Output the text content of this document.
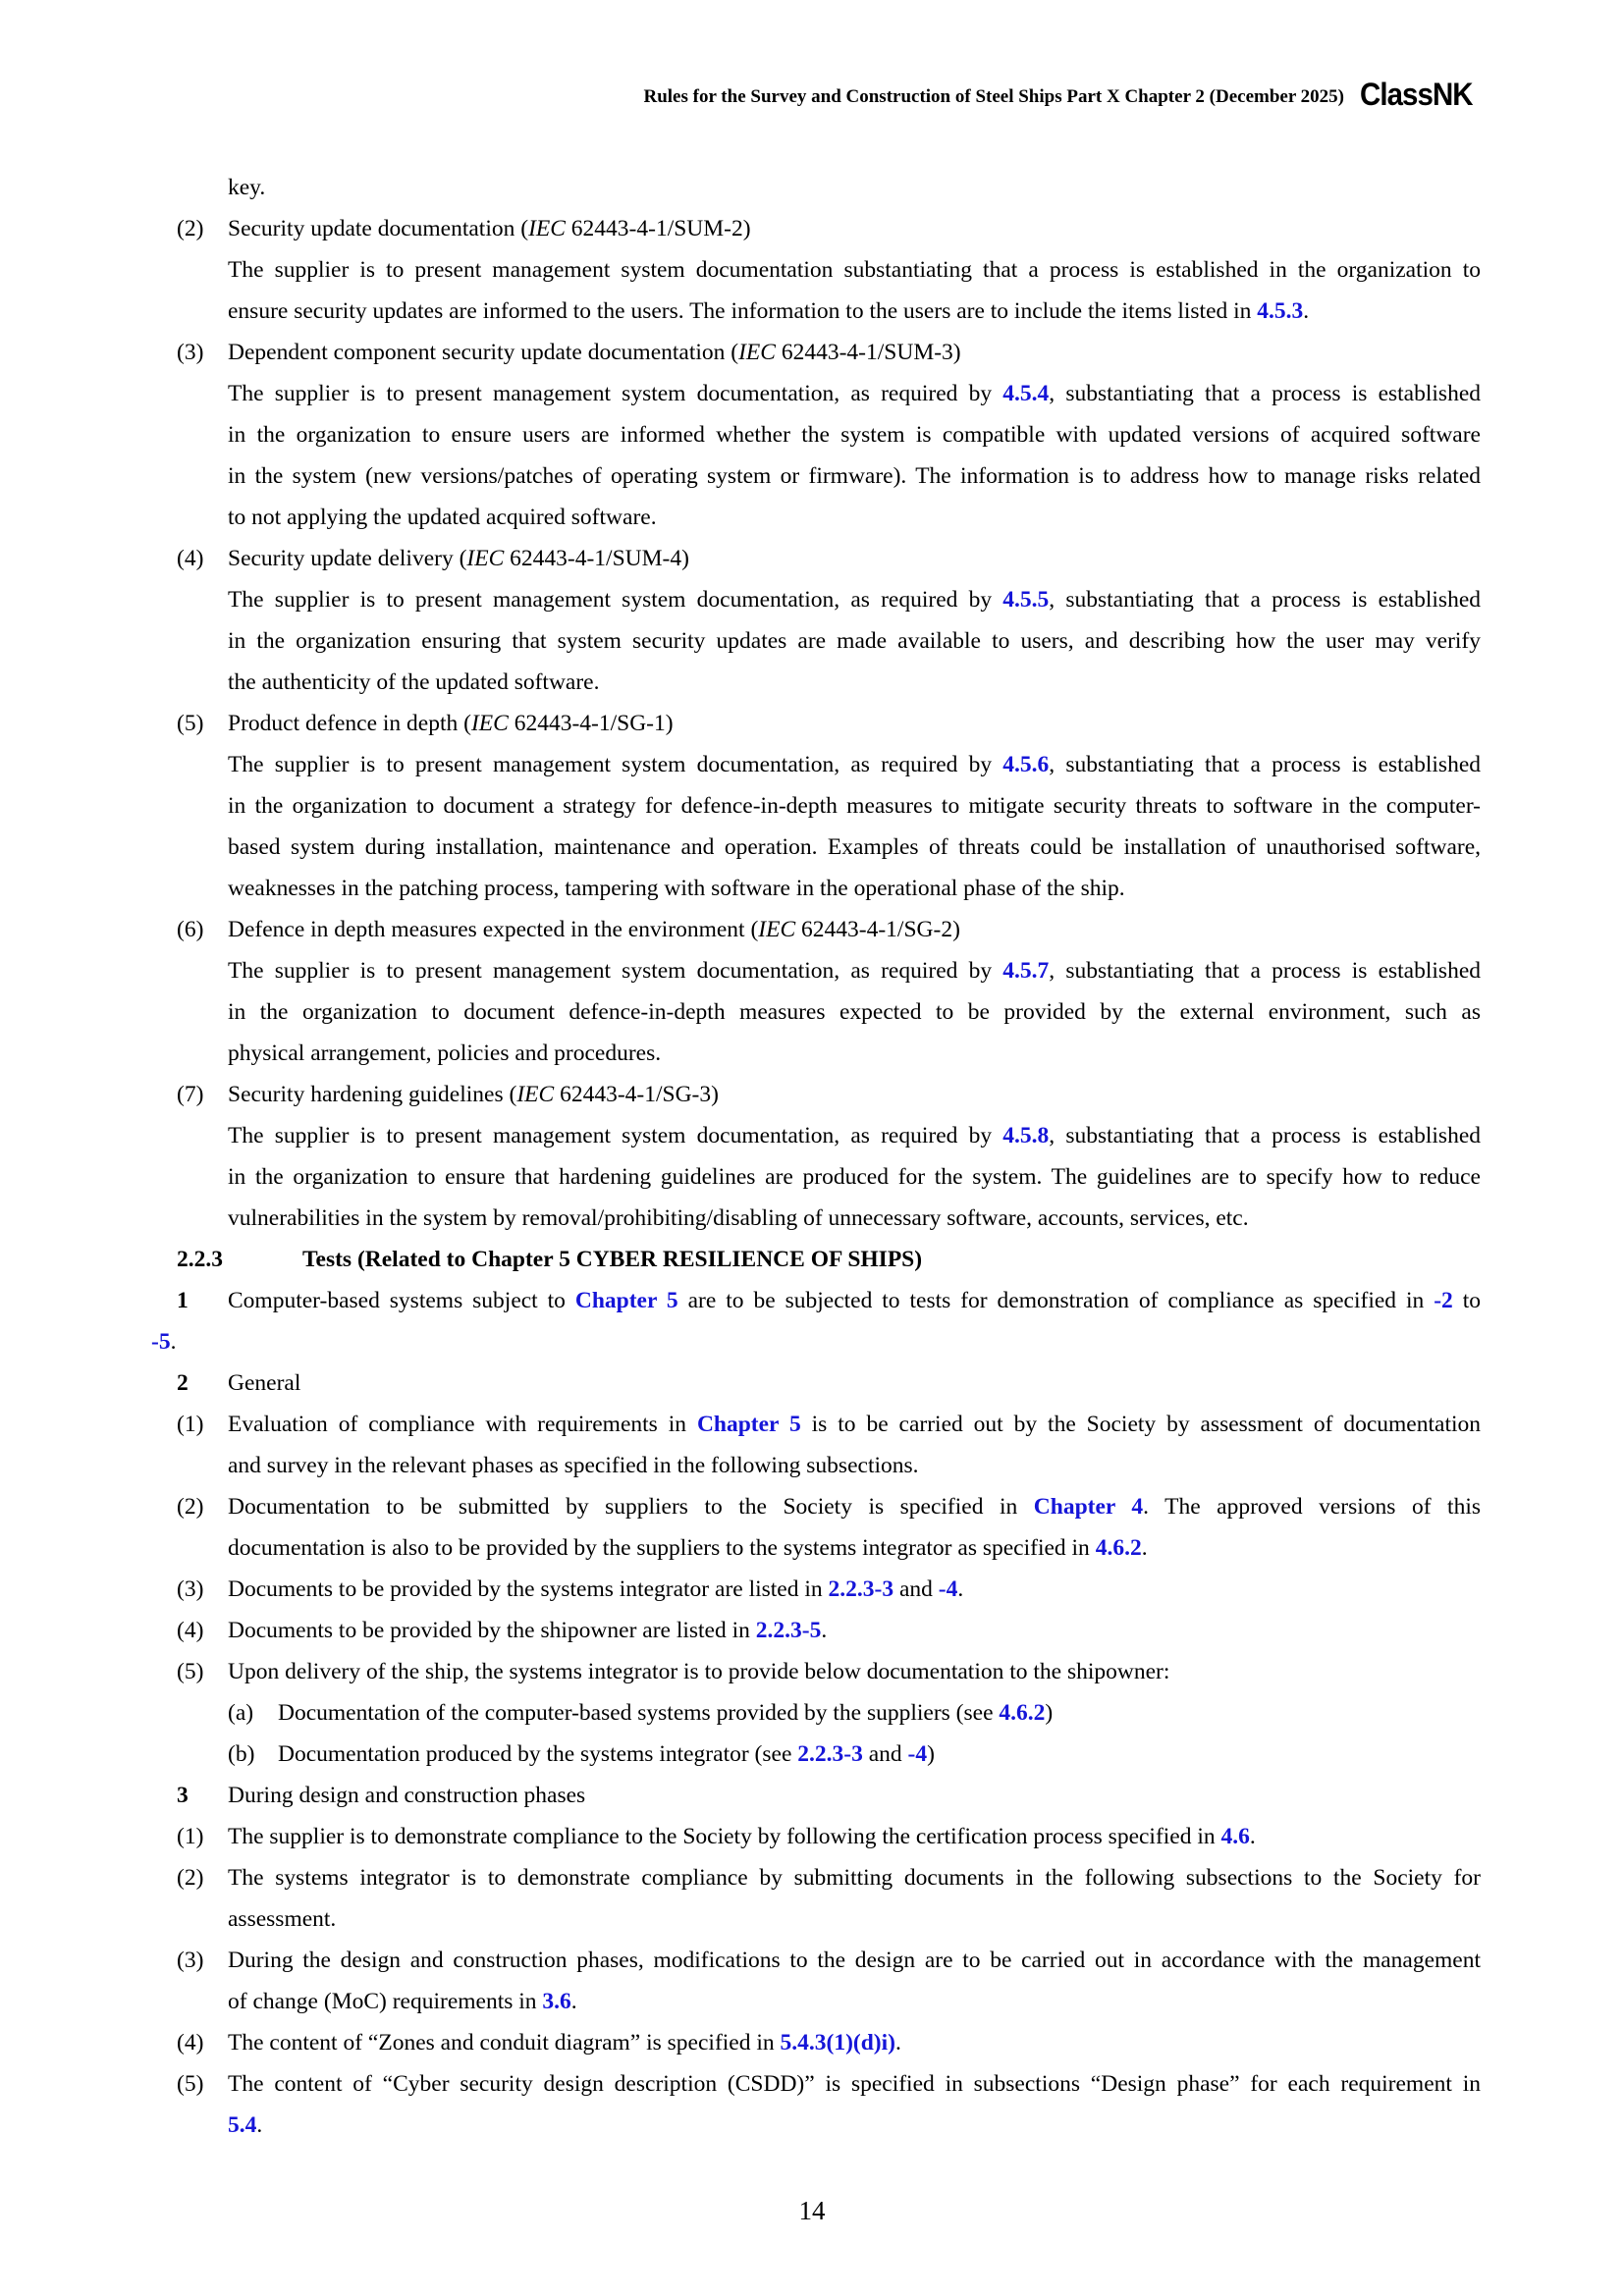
Rules for the Survey and Construction of Steel Ships Part X Chapter 2 (December 2025) ClassNK
key.
(2) Security update documentation (IEC 62443-4-1/SUM-2)
The supplier is to present management system documentation substantiating that a process is established in the organization to
ensure security updates are informed to the users. The information to the users are to include the items listed in 4.5.3.
(3) Dependent component security update documentation (IEC 62443-4-1/SUM-3)
The supplier is to present management system documentation, as required by 4.5.4, substantiating that a process is established
in the organization to ensure users are informed whether the system is compatible with updated versions of acquired software
in the system (new versions/patches of operating system or firmware). The information is to address how to manage risks related
to not applying the updated acquired software.
(4) Security update delivery (IEC 62443-4-1/SUM-4)
The supplier is to present management system documentation, as required by 4.5.5, substantiating that a process is established
in the organization ensuring that system security updates are made available to users, and describing how the user may verify
the authenticity of the updated software.
(5) Product defence in depth (IEC 62443-4-1/SG-1)
The supplier is to present management system documentation, as required by 4.5.6, substantiating that a process is established
in the organization to document a strategy for defence-in-depth measures to mitigate security threats to software in the computer-
based system during installation, maintenance and operation. Examples of threats could be installation of unauthorised software,
weaknesses in the patching process, tampering with software in the operational phase of the ship.
(6) Defence in depth measures expected in the environment (IEC 62443-4-1/SG-2)
The supplier is to present management system documentation, as required by 4.5.7, substantiating that a process is established
in the organization to document defence-in-depth measures expected to be provided by the external environment, such as
physical arrangement, policies and procedures.
(7) Security hardening guidelines (IEC 62443-4-1/SG-3)
The supplier is to present management system documentation, as required by 4.5.8, substantiating that a process is established
in the organization to ensure that hardening guidelines are produced for the system. The guidelines are to specify how to reduce
vulnerabilities in the system by removal/prohibiting/disabling of unnecessary software, accounts, services, etc.
2.2.3	Tests (Related to Chapter 5 CYBER RESILIENCE OF SHIPS)
1 Computer-based systems subject to Chapter 5 are to be subjected to tests for demonstration of compliance as specified in -2 to
-5.
2 General
(1) Evaluation of compliance with requirements in Chapter 5 is to be carried out by the Society by assessment of documentation
and survey in the relevant phases as specified in the following subsections.
(2) Documentation to be submitted by suppliers to the Society is specified in Chapter 4. The approved versions of this
documentation is also to be provided by the suppliers to the systems integrator as specified in 4.6.2.
(3) Documents to be provided by the systems integrator are listed in 2.2.3-3 and -4.
(4) Documents to be provided by the shipowner are listed in 2.2.3-5.
(5) Upon delivery of the ship, the systems integrator is to provide below documentation to the shipowner:
(a) Documentation of the computer-based systems provided by the suppliers (see 4.6.2)
(b) Documentation produced by the systems integrator (see 2.2.3-3 and -4)
3 During design and construction phases
(1) The supplier is to demonstrate compliance to the Society by following the certification process specified in 4.6.
(2) The systems integrator is to demonstrate compliance by submitting documents in the following subsections to the Society for
assessment.
(3) During the design and construction phases, modifications to the design are to be carried out in accordance with the management
of change (MoC) requirements in 3.6.
(4) The content of “Zones and conduit diagram” is specified in 5.4.3(1)(d)i).
(5) The content of “Cyber security design description (CSDD)” is specified in subsections “Design phase” for each requirement in
5.4.
14
